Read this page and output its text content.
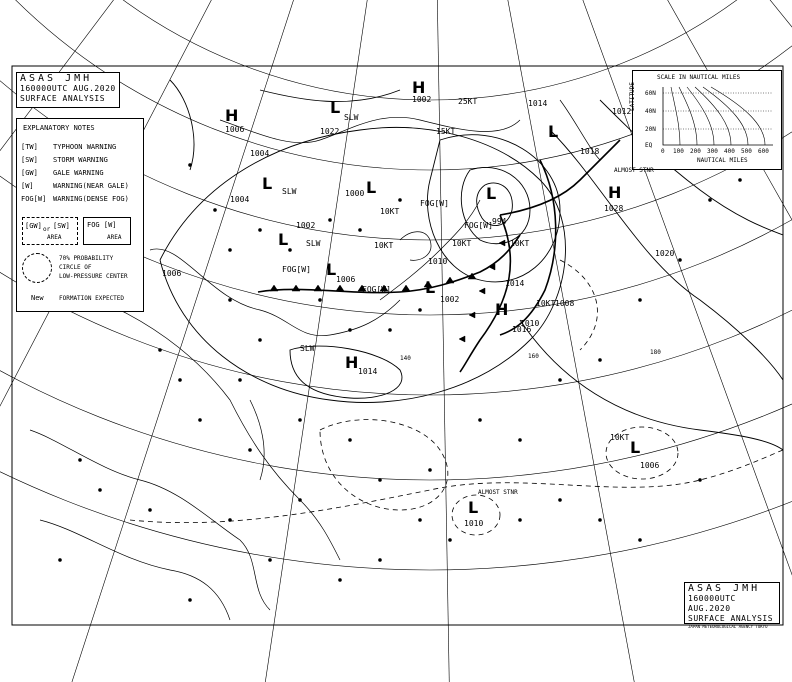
ASAS JMH
160000UTC AUG.2020
SURFACE ANALYSIS
EXPLANATORY NOTES
[TW] TYPHOON WARNING
[SW] STORM WARNING
[GW] GALE WARNING
[W]	WARNING(NEAR GALE)
FOG[W] WARNING(DENSE FOG)
[GW] or [SW]
AREA
FOG [W]
AREA
70% PROBABILITY
CIRCLE OF
LOW-PRESSURE CENTER
New	FORMATION EXPECTED
SCALE IN NAUTICAL MILES
LATITUDE 60N
40N
20N
EQ
0 100 200 300 400 500 600
NAUTICAL MILES
ASAS JMH
160000UTC AUG.2020
SURFACE ANALYSIS
JAPAN METEOROLOGICAL AGENCY TOKYO
L
1022
H
1002
H
1006
L
1004
L
1000
L
1002
H 1014
L
1006
L
994
L
1002
H
1028
L
1006
L
1010
H
1014
L
1010
1004
1008
1020
1006
1012
1016
1010
1018
1014
SLW
SLW
FOG[W]
FOG[W]
SLW
FOG[W]
FOG[W]
SLW
10KT
10KT	10KT
15KT
10KT
10KT
10KT
25KT
ALMOST STNR
ALMOST STNR
140	160
180
